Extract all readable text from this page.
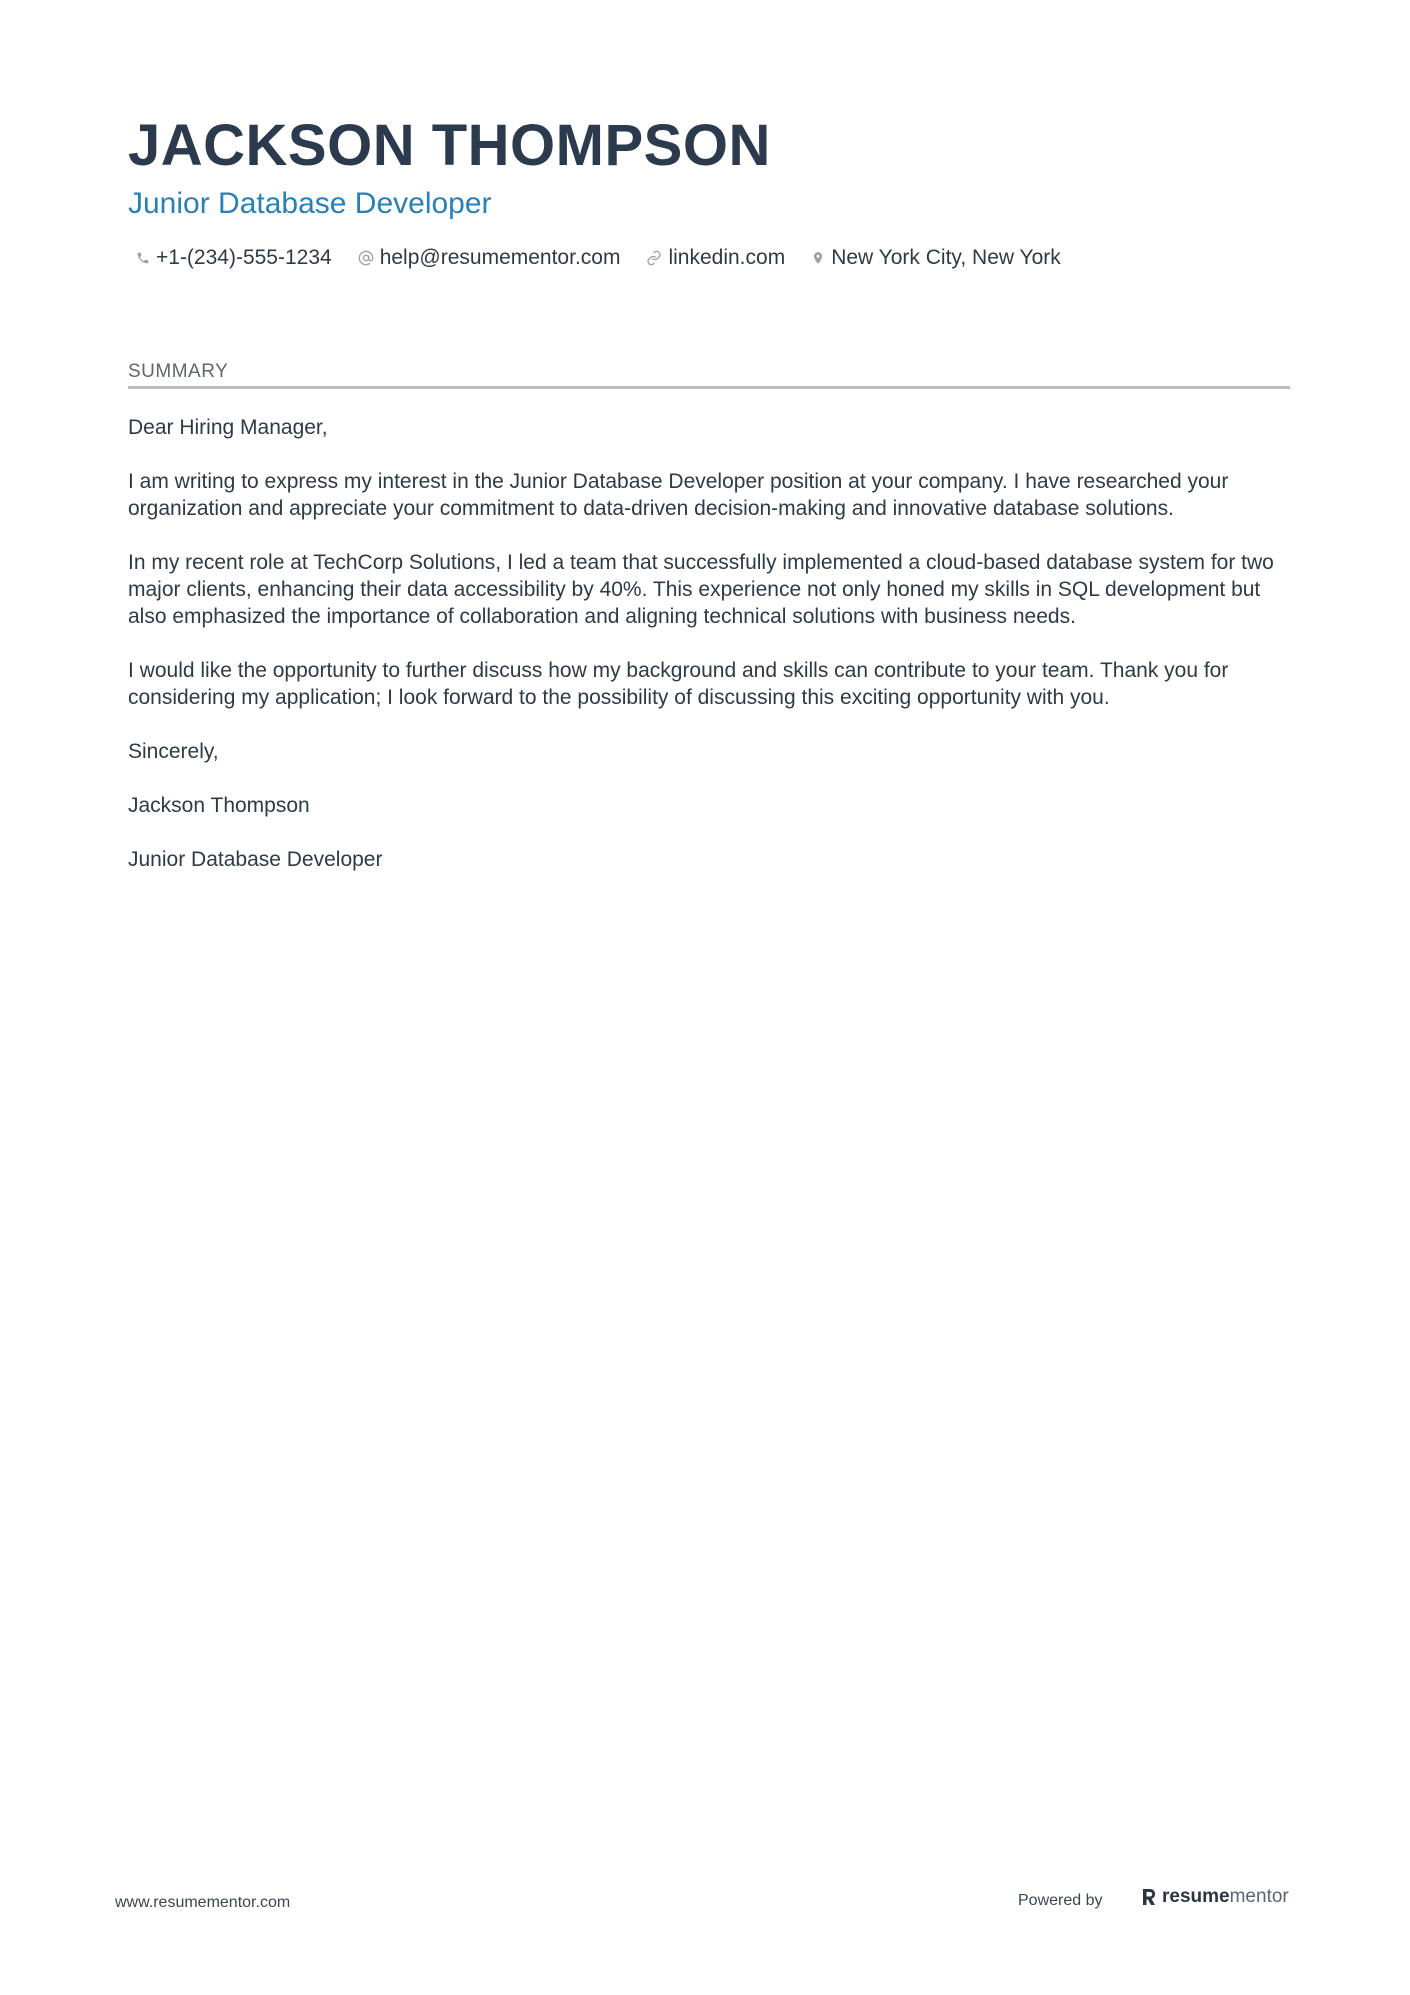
JACKSON THOMPSON
Junior Database Developer
+1-(234)-555-1234 help@resumementor.com linkedin.com New York City, New York
SUMMARY

Dear Hiring Manager,

I am writing to express my interest in the Junior Database Developer position at your company. I have researched your organization and appreciate your commitment to data-driven decision-making and innovative database solutions.

In my recent role at TechCorp Solutions, I led a team that successfully implemented a cloud-based database system for two major clients, enhancing their data accessibility by 40%. This experience not only honed my skills in SQL development but also emphasized the importance of collaboration and aligning technical solutions with business needs.

I would like the opportunity to further discuss how my background and skills can contribute to your team. Thank you for considering my application; I look forward to the possibility of discussing this exciting opportunity with you.

Sincerely,

Jackson Thompson

Junior Database Developer

www.resumementor.com	Powered by	resumementor
